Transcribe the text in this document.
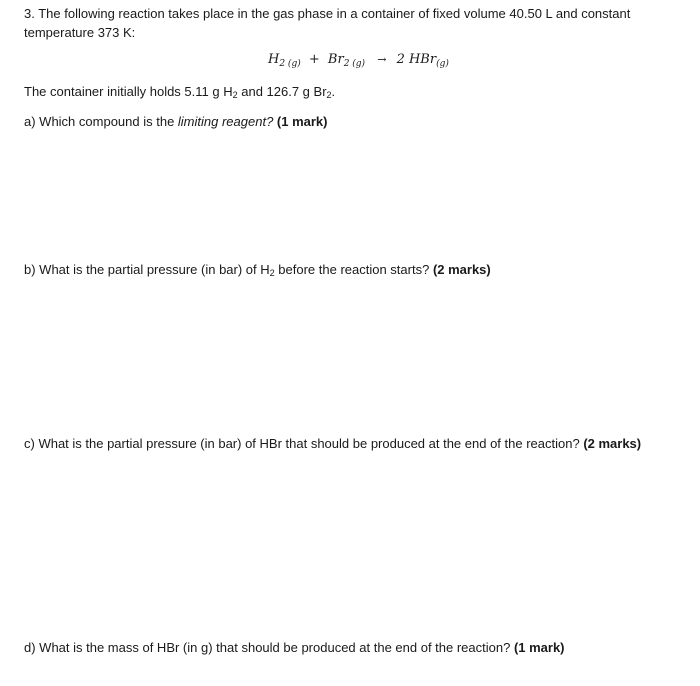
3. The following reaction takes place in the gas phase in a container of fixed volume 40.50 L and constant
temperature 373 K:
$H_{2 (g)} + Br_{2 (g)} \to 2$ HBr$_{(g)}$
The container initially holds 5.11 g H2 and 126.7 g Br2.
a) Which compound is the limiting reagent? (1 mark)
b) What is the partial pressure (in bar) of H2 before the reaction starts? (2 marks)
c) What is the partial pressure (in bar) of HBr that should be produced at the end of the reaction? (2 marks)
d) What is the mass of HBr (in g) that should be produced at the end of the reaction? (1 mark)
